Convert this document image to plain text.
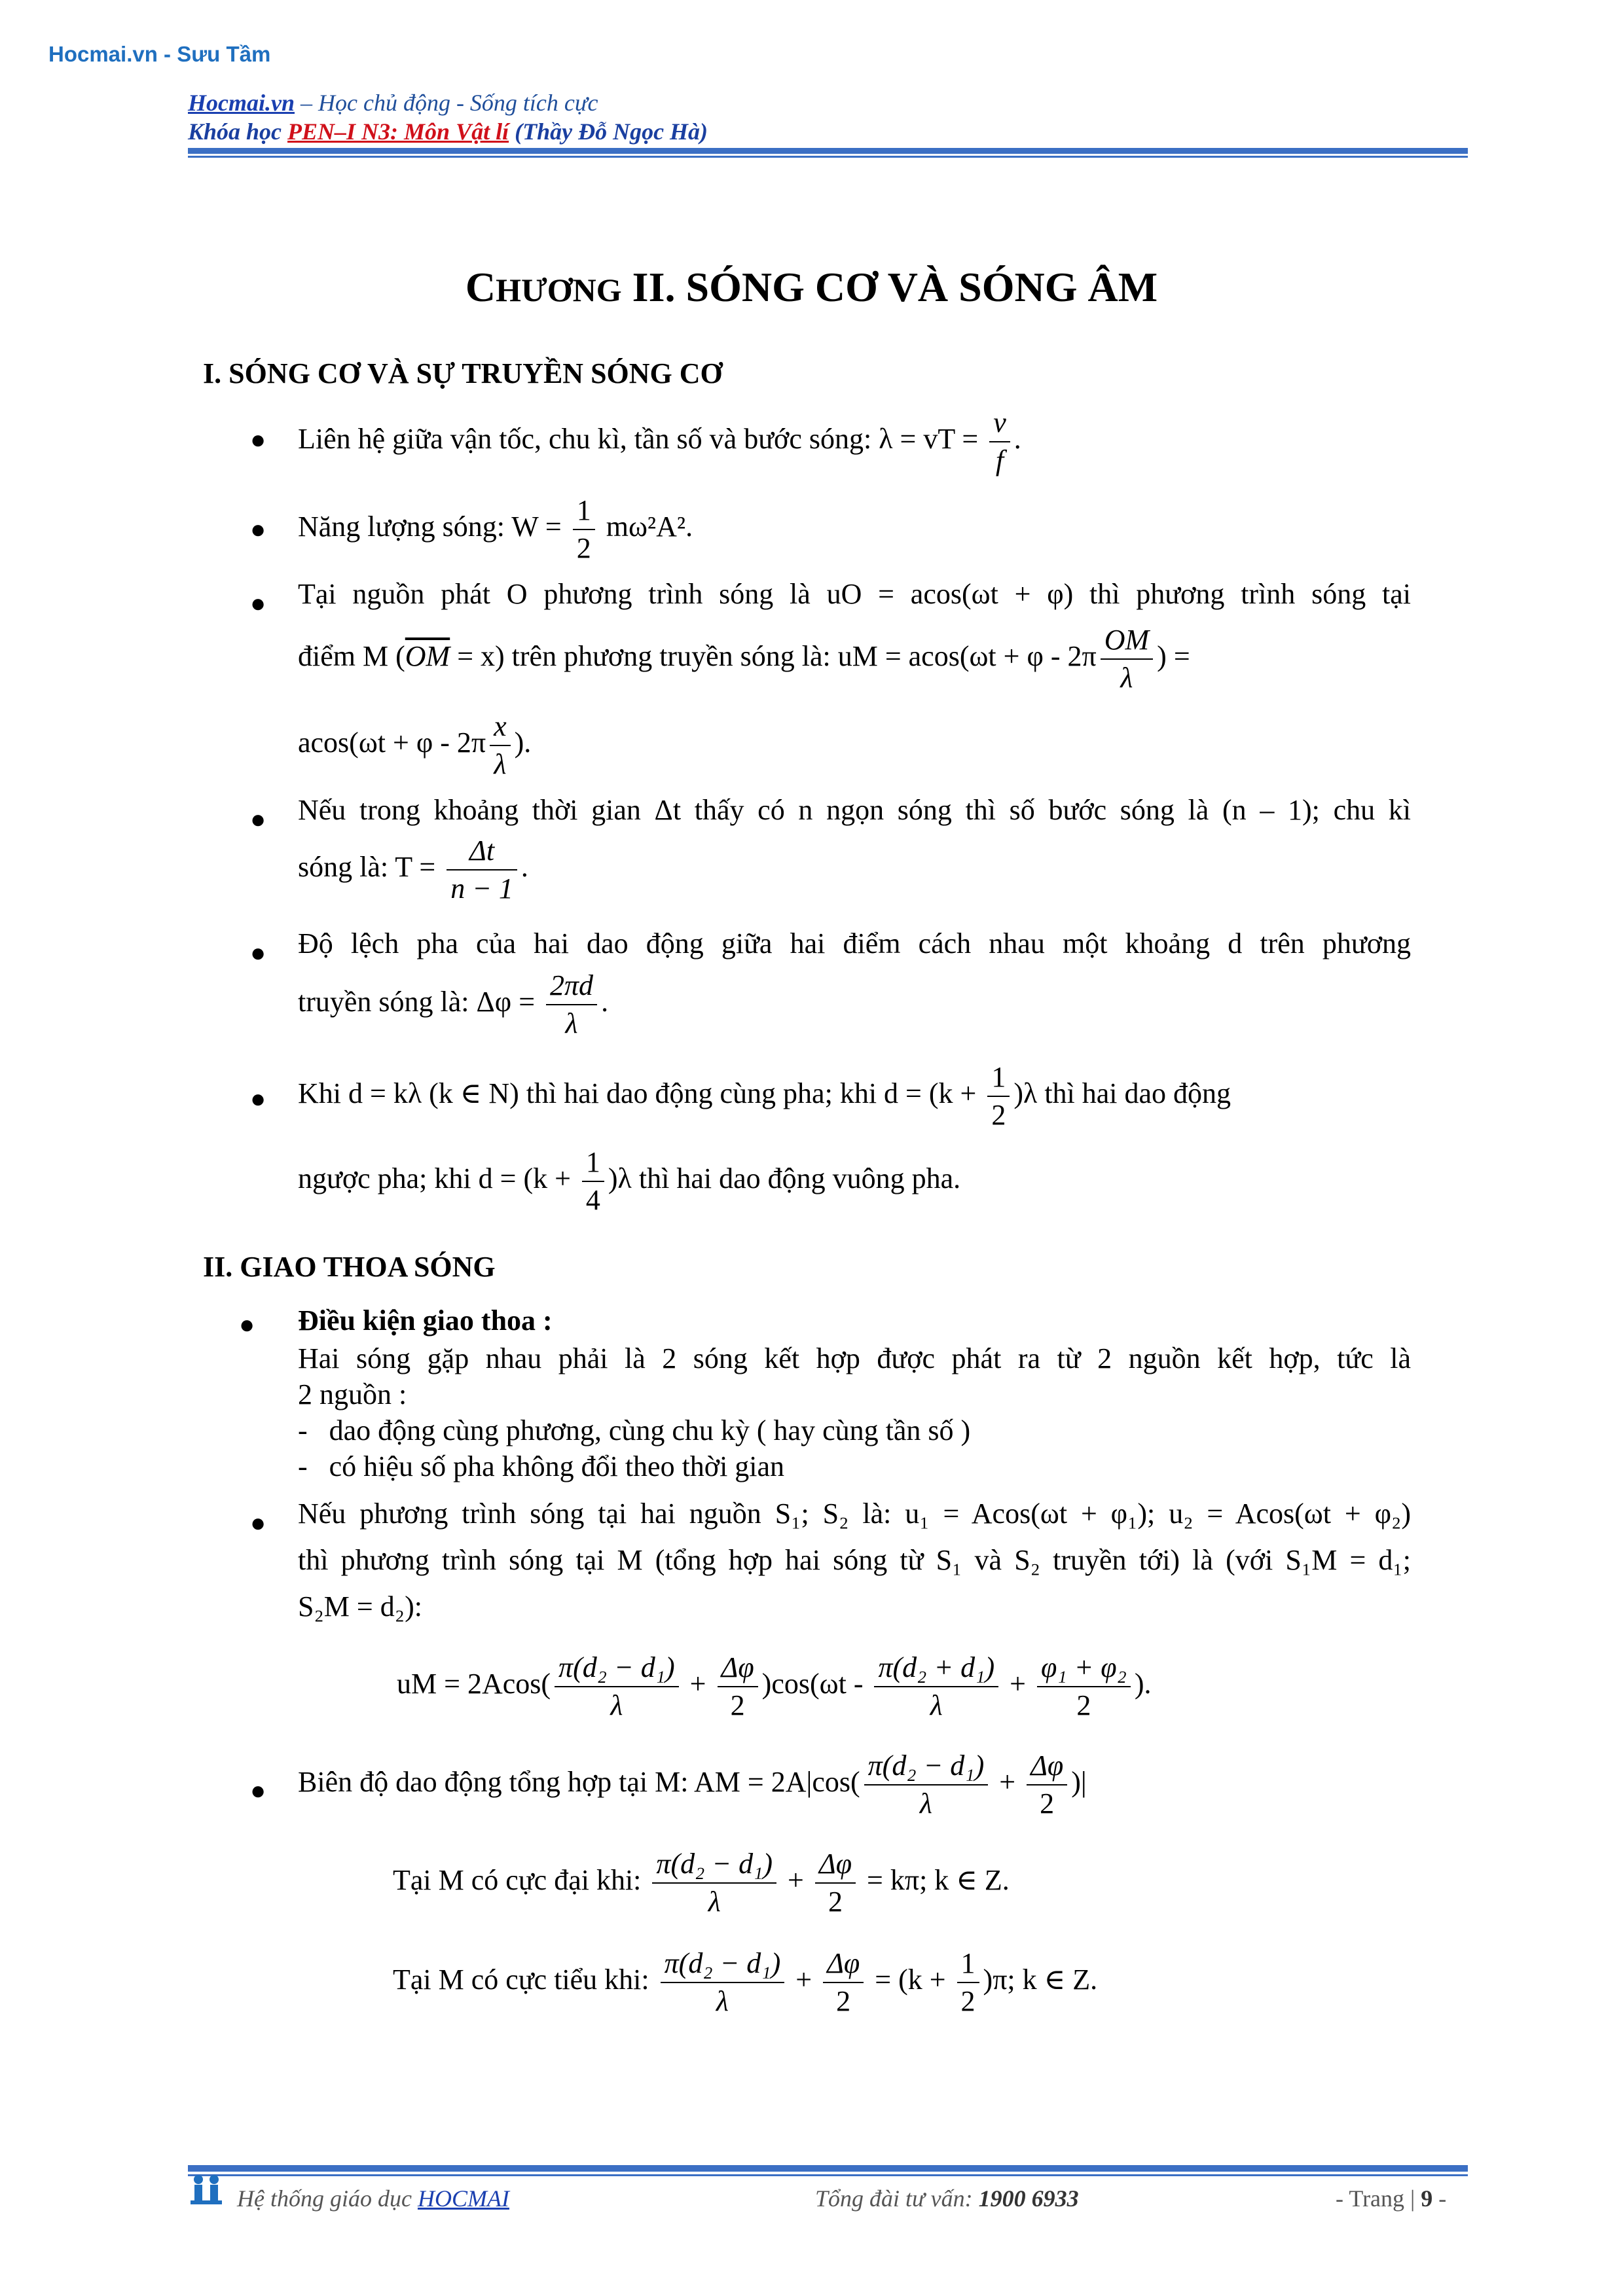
Hocmai.vn - Sưu Tầm
Hocmai.vn – Học chủ động - Sống tích cực
Khóa học PEN–I N3: Môn Vật lí (Thầy Đỗ Ngọc Hà)
CHƯƠNG II. SÓNG CƠ VÀ SÓNG ÂM
I. SÓNG CƠ VÀ SỰ TRUYỀN SÓNG CƠ
● Liên hệ giữa vận tốc, chu kì, tần số và bước sóng: λ = vT = $\frac{v}{f}$ .
● Năng lượng sóng: $W = \frac{1}{2} m\omega^2A^2$.
● Tại nguồn phát O phương trình sóng là uO = acos(ωt + φ) thì phương trình sóng tại
điểm M $(\overline{OM} = x)$ trên phương truyền sóng là: uM = $acos(\omega t + \varphi - 2\pi \frac{OM}{\lambda}$ ) =
$acos(\omega t + \varphi - 2\pi \frac{x}{\lambda}$ ).
● Nếu trong khoảng thời gian Δt thấy có n ngọn sóng thì số bước sóng là (n – 1); chu kì
sóng là: $T = \frac{\Delta t}{n - 1}$ .
● Độ lệch pha của hai dao động giữa hai điểm cách nhau một khoảng d trên phương
truyền sóng là: $\Delta\varphi = \frac{2\pi d}{\lambda}$ .
● Khi d = kλ (k ∈ N) thì hai dao động cùng pha; khi $d = (k + \frac{1}{2} )\lambda$ thì hai dao động
ngược pha; khi $d = (k + \frac{1}{4} )\lambda$ thì hai dao động vuông pha.
II. GIAO THOA SÓNG
● Điều kiện giao thoa :
Hai sóng gặp nhau phải là 2 sóng kết hợp được phát ra từ 2 nguồn kết hợp, tức là
2 nguồn :
-   dao động cùng phương, cùng chu kỳ ( hay cùng tần số )
-   có hiệu số pha không đổi theo thời gian
● Nếu phương trình sóng tại hai nguồn S₁; S₂ là: u₁ = Acos(ωt + φ₁); u₂ = Acos(ωt + φ₂)
thì phương trình sóng tại M (tổng hợp hai sóng từ S₁ và S₂ truyền tới) là (với S₁M = d₁;
S₂M = d₂):
uM = $2Acos( \frac{\text{π(d₂ − d₁)}}{\lambda} + \frac{\Delta\varphi}{2} )\cos(\omega t - \frac{\text{π(d₂ + d₁)}}{\lambda} + \frac{\text{φ₁ + φ₂}}{2}$ ).
● Biên độ dao động tổng hợp tại M: AM = $2A|\cos( \frac{\text{π(d₂ − d₁)}}{\lambda} + \frac{\Delta\varphi}{2}$ )|
Tại M có cực đại khi: $\frac{\text{π(d₂ − d₁)}}{\lambda} + \frac{\Delta\varphi}{2} = k\pi$; k ∈ Z.
Tại M có cực tiểu khi: $\frac{\text{π(d₂ − d₁)}}{\lambda} + \frac{\Delta\varphi}{2} = (k + \frac{1}{2} )\pi$; k ∈ Z.
Hệ thống giáo dục HOCMAI	Tổng đài tư vấn: 1900 6933	- Trang | 9 -
